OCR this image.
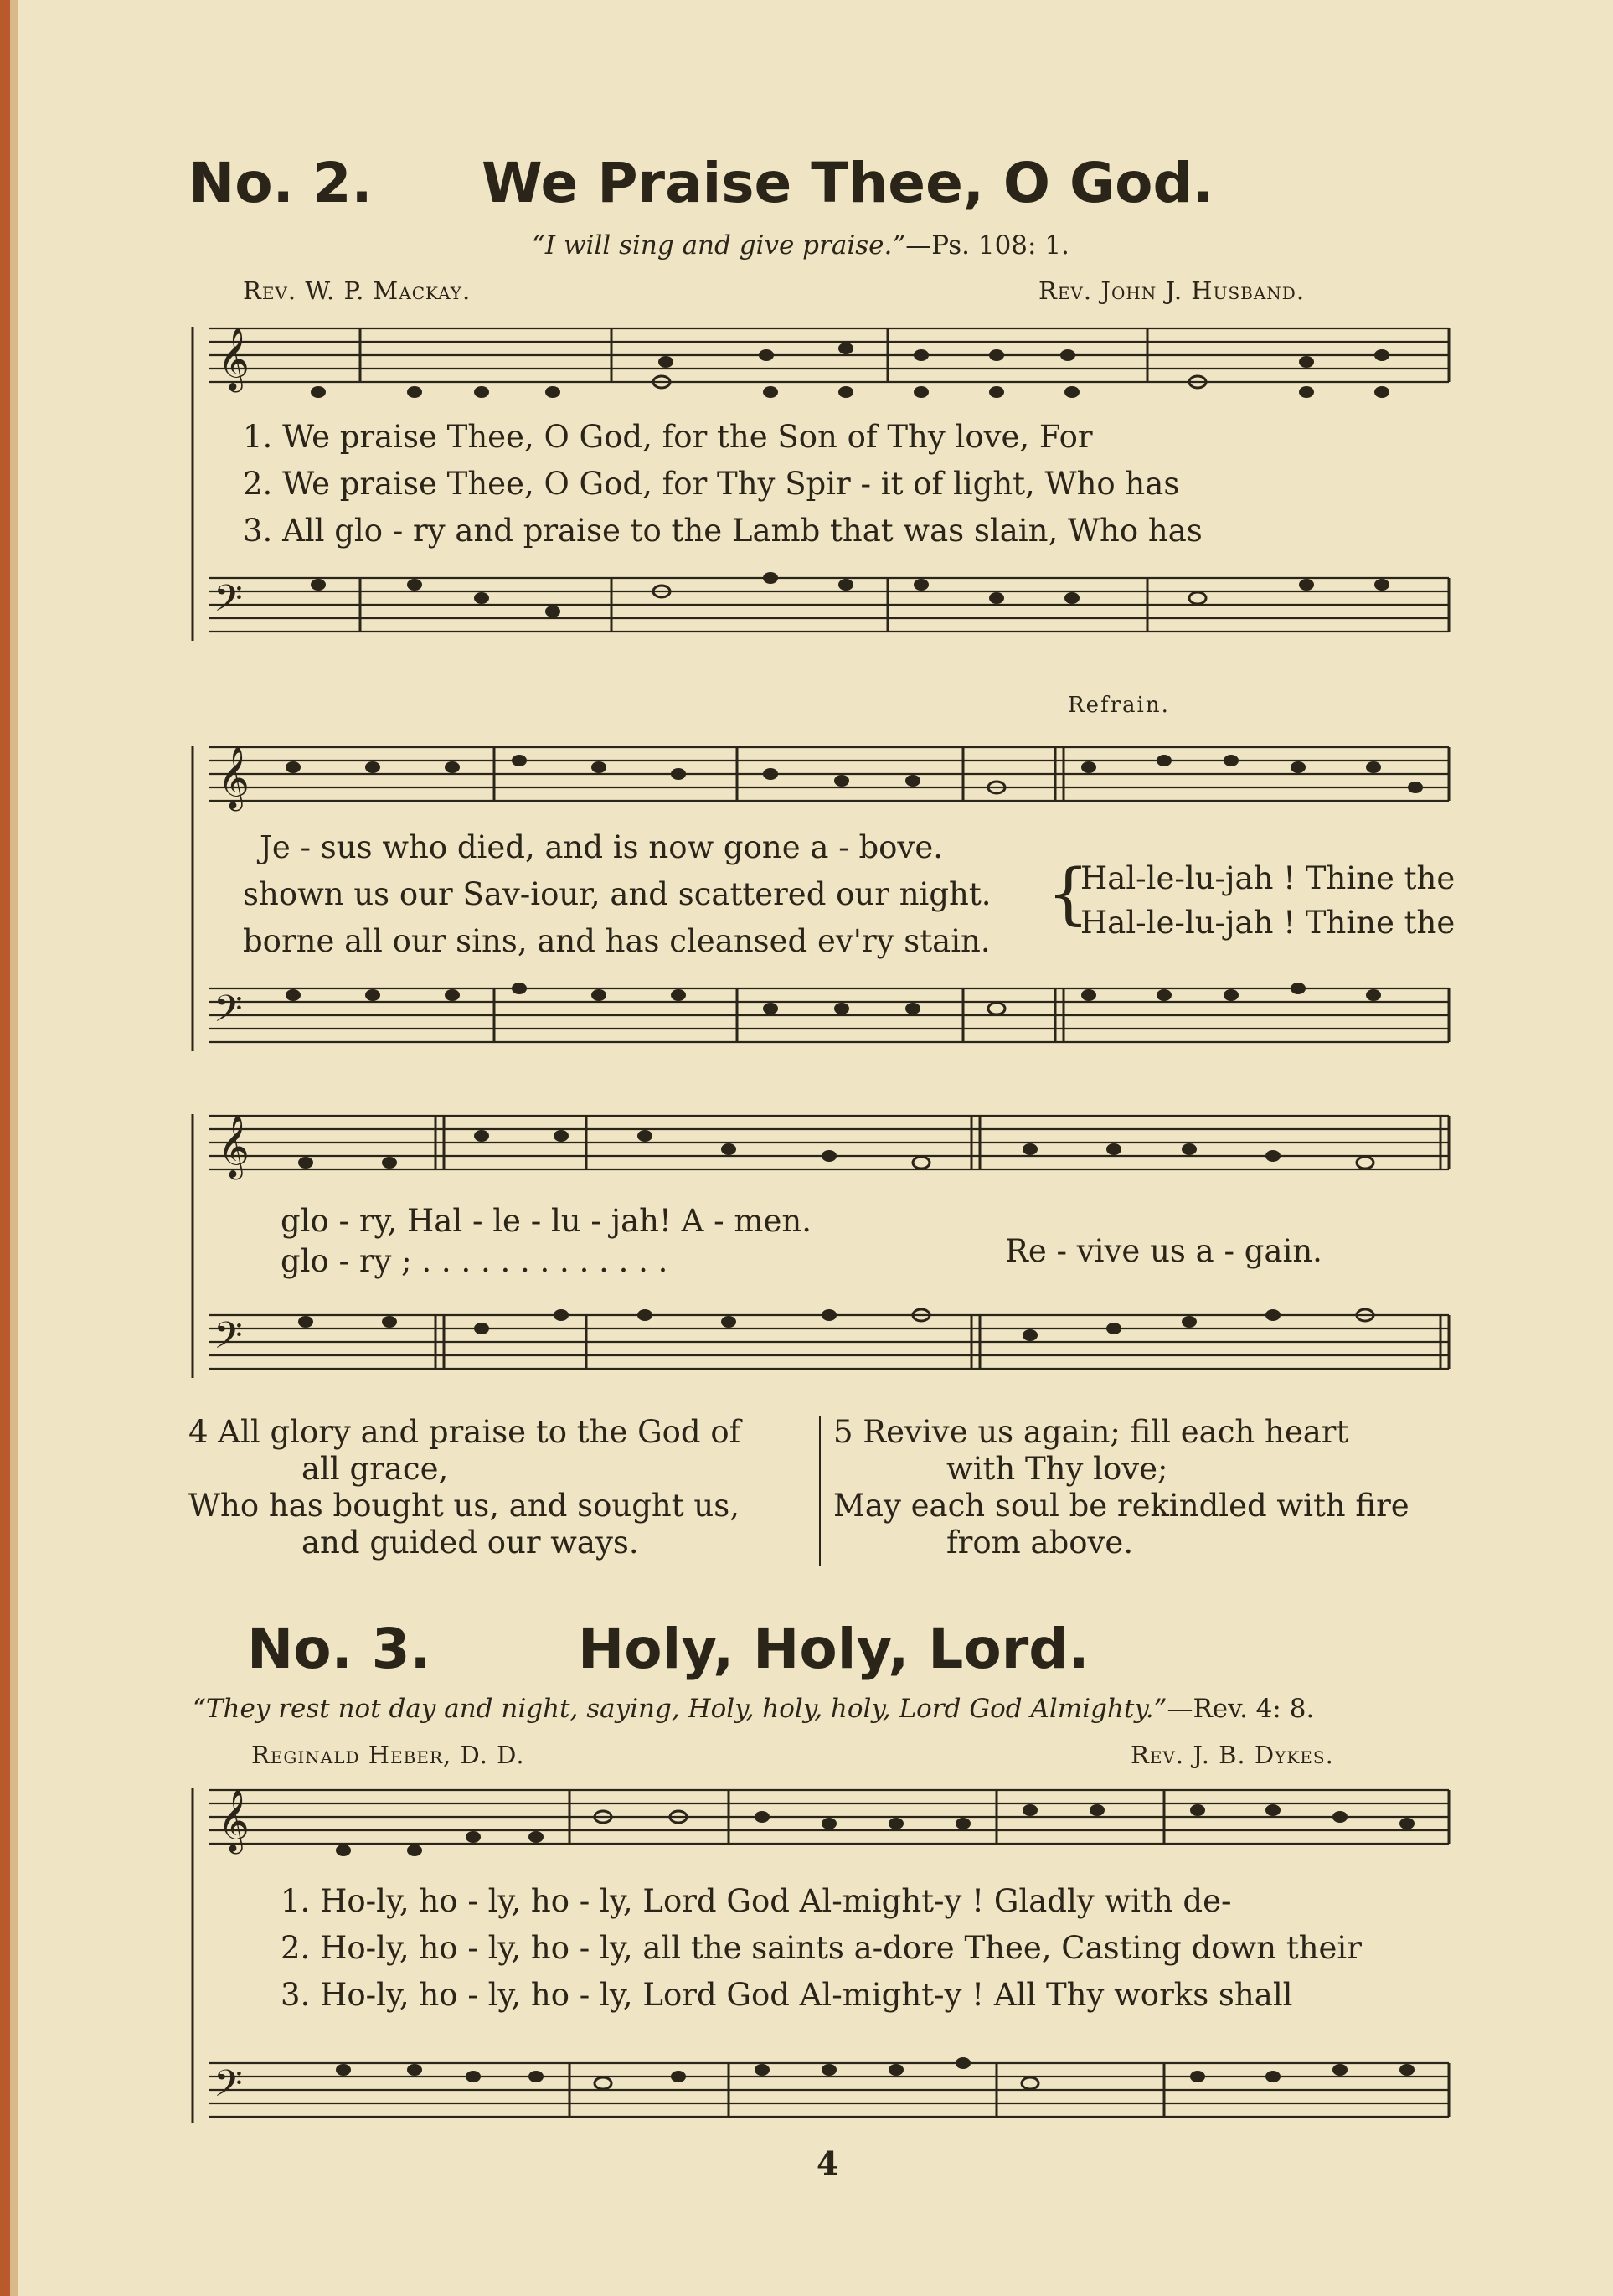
No. 2. We Praise Thee, O God.
“I will sing and give praise.”—Ps. 108: 1.
Rev. W. P. Mackay.	Rev. John J. Husband.
𝄞
𝄢
1. We praise Thee, O God, for the Son of Thy love, For
2. We praise Thee, O God, for Thy Spir - it of light, Who has
3. All glo - ry and praise to the Lamb that was slain, Who has
Refrain.
𝄞
𝄢
Je - sus who died, and is now gone a - bove.
shown us our Sav-iour, and scattered our night.
borne all our sins, and has cleansed ev'ry stain.
{
Hal-le-lu-jah ! Thine the
Hal-le-lu-jah ! Thine the
𝄞
𝄢
glo - ry, Hal - le - lu - jah! A - men.
glo - ry ; . . . . . . . . . . . . .	Re - vive us a - gain.
4 All glory and praise to the God of
all grace,
Who has bought us, and sought us,
and guided our ways.
5 Revive us again; fill each heart
with Thy love;
May each soul be rekindled with fire
from above.
No. 3.	Holy, Holy, Lord.
“They rest not day and night, saying, Holy, holy, holy, Lord God Almighty.”—Rev. 4: 8.
Reginald Heber, D. D.	Rev. J. B. Dykes.
𝄞
𝄢
1. Ho-ly, ho - ly, ho - ly, Lord God Al-might-y ! Gladly with de-
2. Ho-ly, ho - ly, ho - ly, all the saints a-dore Thee, Casting down their
3. Ho-ly, ho - ly, ho - ly, Lord God Al-might-y ! All Thy works shall
4
